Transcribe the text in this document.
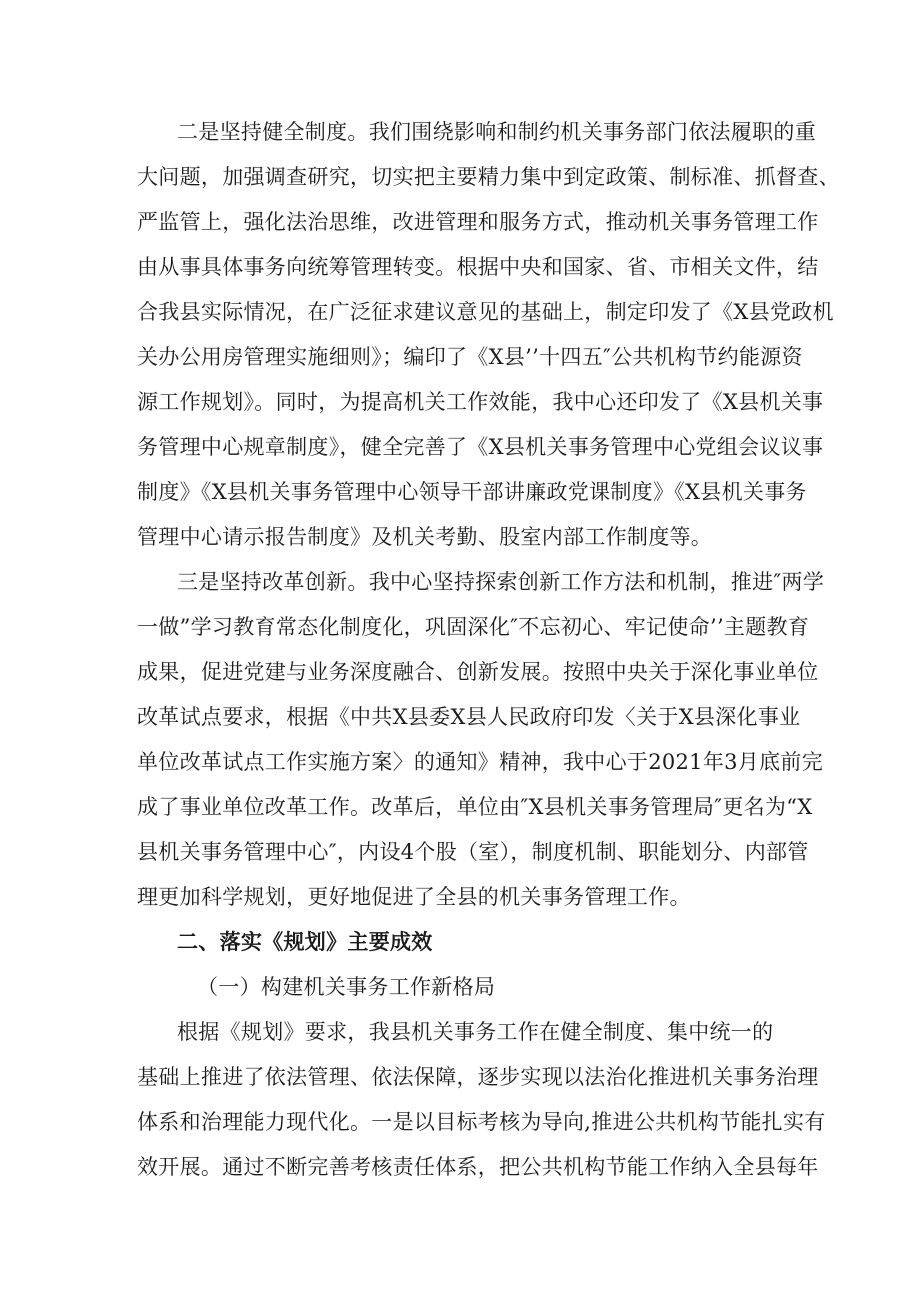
二是坚持健全制度。我们围绕影响和制约机关事务部门依法履职的重
大问题，加强调查研究，切实把主要精力集中到定政策、制标准、抓督查、
严监管上，强化法治思维，改进管理和服务方式，推动机关事务管理工作
由从事具体事务向统筹管理转变。根据中央和国家、省、市相关文件，结
合我县实际情况，在广泛征求建议意见的基础上，制定印发了《X县党政机
关办公用房管理实施细则》；编印了《X县’’十四五″公共机构节约能源资
源工作规划》。同时，为提高机关工作效能，我中心还印发了《X县机关事
务管理中心规章制度》，健全完善了《X县机关事务管理中心党组会议议事
制度》《X县机关事务管理中心领导干部讲廉政党课制度》《X县机关事务
管理中心请示报告制度》及机关考勤、股室内部工作制度等。
三是坚持改革创新。我中心坚持探索创新工作方法和机制，推进″两学
一做”学习教育常态化制度化，巩固深化″不忘初心、牢记使命’’主题教育
成果，促进党建与业务深度融合、创新发展。按照中央关于深化事业单位
改革试点要求，根据《中共X县委X县人民政府印发〈关于X县深化事业
单位改革试点工作实施方案〉的通知》精神，我中心于2021年3月底前完
成了事业单位改革工作。改革后，单位由″X县机关事务管理局″更名为“X
县机关事务管理中心″，内设4个股（室），制度机制、职能划分、内部管
理更加科学规划，更好地促进了全县的机关事务管理工作。
二、落实《规划》主要成效
（一）构建机关事务工作新格局
根据《规划》要求，我县机关事务工作在健全制度、集中统一的
基础上推进了依法管理、依法保障，逐步实现以法治化推进机关事务治理
体系和治理能力现代化。一是以目标考核为导向,推进公共机构节能扎实有
效开展。通过不断完善考核责任体系，把公共机构节能工作纳入全县每年
